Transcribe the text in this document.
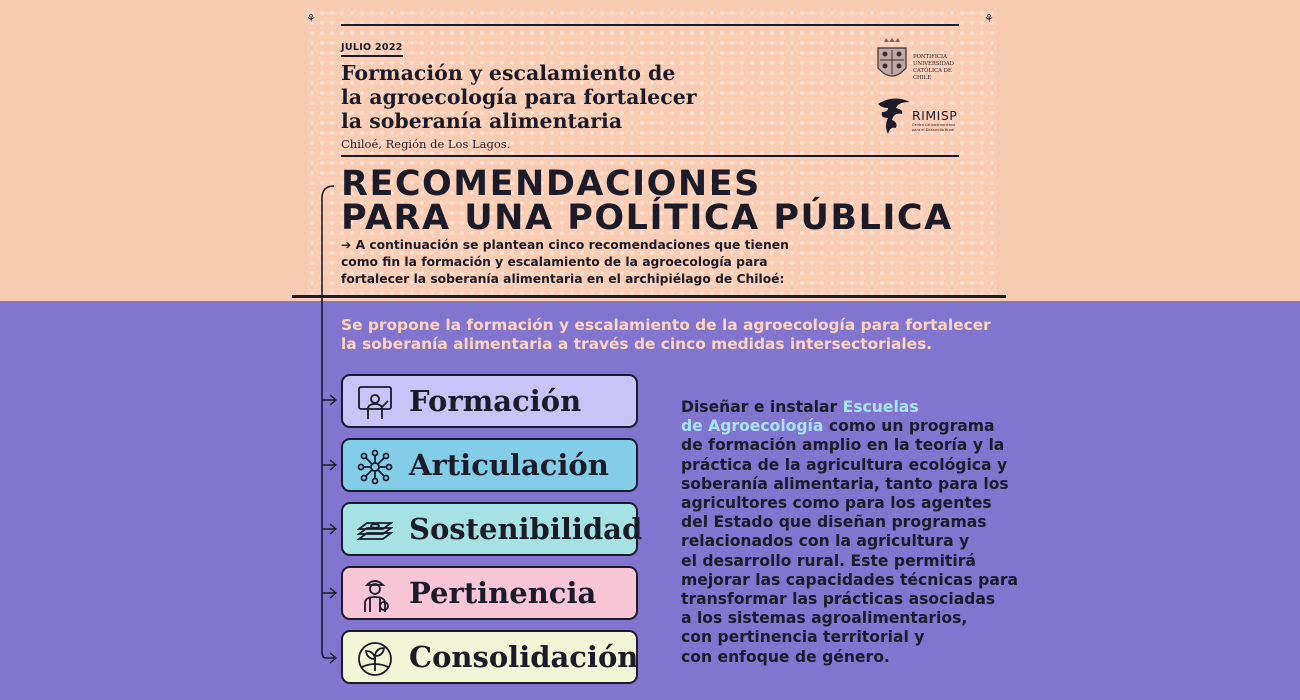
⚘	⚘
JULIO 2022
Formación y escalamiento de
la agroecología para fortalecer
la soberanía alimentaria
Chiloé, Región de Los Lagos.
PONTIFICIA UNIVERSIDAD CATÓLICA DE CHILE
RIMISP
Centro Latinoamericano para el Desarrollo Rural
RECOMENDACIONES
PARA UNA POLÍTICA PÚBLICA
➔ A continuación se plantean cinco recomendaciones que tienen
como fin la formación y escalamiento de la agroecología para
fortalecer la soberanía alimentaria en el archipiélago de Chiloé:
Se propone la formación y escalamiento de la agroecología para fortalecer
la soberanía alimentaria a través de cinco medidas intersectoriales.
Formación
Articulación
Sostenibilidad
Pertinencia
Consolidación
Diseñar e instalar Escuelas
de Agroecología como un programa
de formación amplio en la teoría y la
práctica de la agricultura ecológica y
soberanía alimentaria, tanto para los
agricultores como para los agentes
del Estado que diseñan programas
relacionados con la agricultura y
el desarrollo rural. Este permitirá
mejorar las capacidades técnicas para
transformar las prácticas asociadas
a los sistemas agroalimentarios,
con pertinencia territorial y
con enfoque de género.
